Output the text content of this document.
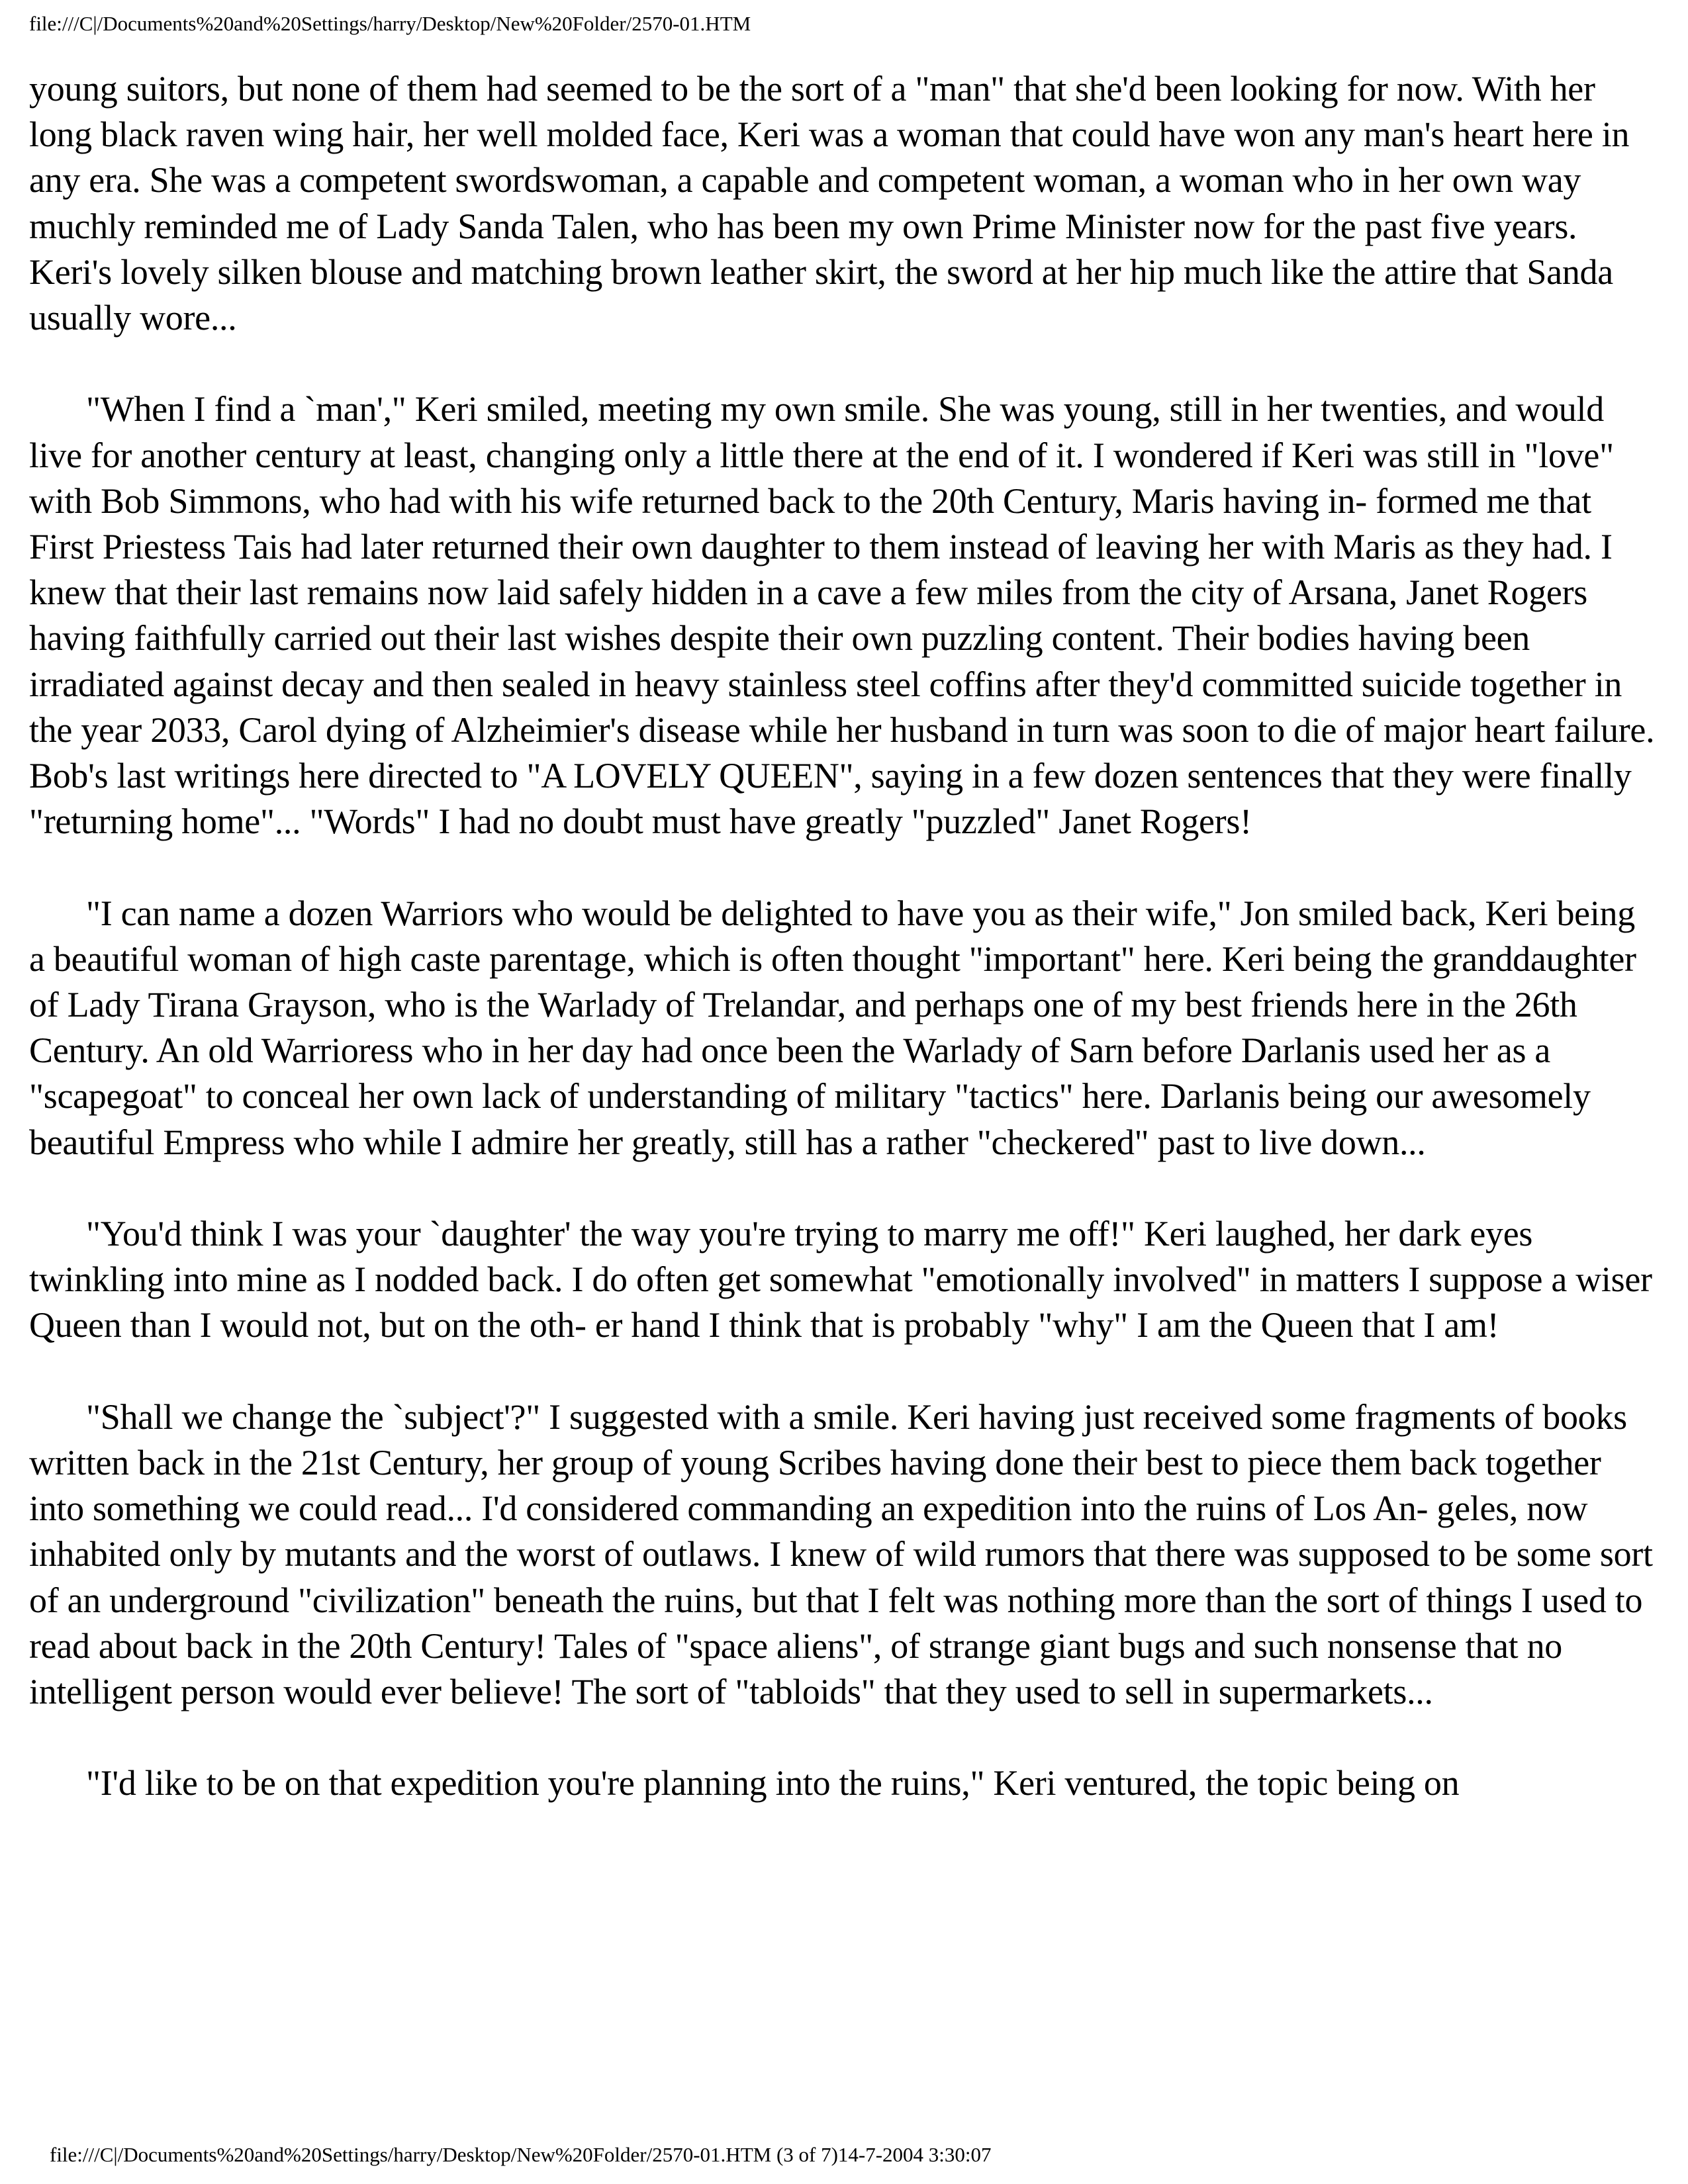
file:///C|/Documents%20and%20Settings/harry/Desktop/New%20Folder/2570-01.HTM

young suitors, but none of them had seemed to be the sort of a "man" that she'd been looking for now. With her long black raven wing hair, her well molded face, Keri was a woman that could have won any man's heart here in any era. She was a competent swordswoman, a capable and competent woman, a woman who in her own way muchly reminded me of Lady Sanda Talen, who has been my own Prime Minister now for the past five years. Keri's lovely silken blouse and matching brown leather skirt, the sword at her hip much like the attire that Sanda usually wore...

"When I find a `man'," Keri smiled, meeting my own smile. She was young, still in her twenties, and would live for another century at least, changing only a little there at the end of it. I wondered if Keri was still in "love" with Bob Simmons, who had with his wife returned back to the 20th Century, Maris having in- formed me that First Priestess Tais had later returned their own daughter to them instead of leaving her with Maris as they had. I knew that their last remains now laid safely hidden in a cave a few miles from the city of Arsana, Janet Rogers having faithfully carried out their last wishes despite their own puzzling content. Their bodies having been irradiated against decay and then sealed in heavy stainless steel coffins after they'd committed suicide together in the year 2033, Carol dying of Alzheimier's disease while her husband in turn was soon to die of major heart failure. Bob's last writings here directed to "A LOVELY QUEEN", saying in a few dozen sentences that they were finally "returning home"... "Words" I had no doubt must have greatly "puzzled" Janet Rogers!

"I can name a dozen Warriors who would be delighted to have you as their wife," Jon smiled back, Keri being a beautiful woman of high caste parentage, which is often thought "important" here. Keri being the granddaughter of Lady Tirana Grayson, who is the Warlady of Trelandar, and perhaps one of my best friends here in the 26th Century. An old Warrioress who in her day had once been the Warlady of Sarn before Darlanis used her as a "scapegoat" to conceal her own lack of understanding of military "tactics" here. Darlanis being our awesomely beautiful Empress who while I admire her greatly, still has a rather "checkered" past to live down...

"You'd think I was your `daughter' the way you're trying to marry me off!" Keri laughed, her dark eyes twinkling into mine as I nodded back. I do often get somewhat "emotionally involved" in matters I suppose a wiser Queen than I would not, but on the oth- er hand I think that is probably "why" I am the Queen that I am!

"Shall we change the `subject'?" I suggested with a smile. Keri having just received some fragments of books written back in the 21st Century, her group of young Scribes having done their best to piece them back together into something we could read... I'd considered commanding an expedition into the ruins of Los An- geles, now inhabited only by mutants and the worst of outlaws. I knew of wild rumors that there was supposed to be some sort of an underground "civilization" beneath the ruins, but that I felt was nothing more than the sort of things I used to read about back in the 20th Century! Tales of "space aliens", of strange giant bugs and such nonsense that no intelligent person would ever believe! The sort of "tabloids" that they used to sell in supermarkets...

"I'd like to be on that expedition you're planning into the ruins," Keri ventured, the topic being on

file:///C|/Documents%20and%20Settings/harry/Desktop/New%20Folder/2570-01.HTM (3 of 7)14-7-2004 3:30:07
